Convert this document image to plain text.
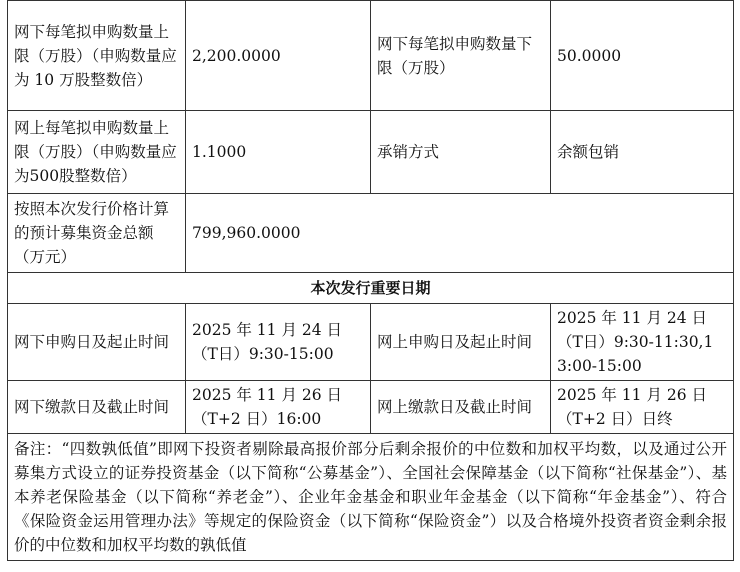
网下每笔拟申购数量上限（万股）（申购数量应为 10 万股整数倍）	2,200.0000	网下每笔拟申购数量下限（万股）	50.0000
网上每笔拟申购数量上限（万股）（申购数量应为500股整数倍）	1.1000	承销方式	余额包销
按照本次发行价格计算的预计募集资金总额（万元）	799,960.0000		
本次发行重要日期			
网下申购日及起止时间	2025 年 11 月 24 日（T日）9:30-15:00	网上申购日及起止时间	2025 年 11 月 24 日（T日）9:30-11:30,13:00-15:00
网下缴款日及截止时间	2025 年 11 月 26 日（T+2 日）16:00	网上缴款日及截止时间	2025 年 11 月 26 日（T+2 日）日终
备注：“四数孰低值”即网下投资者剔除最高报价部分后剩余报价的中位数和加权平均数，以及通过公开募集方式设立的证券投资基金（以下简称“公募基金”）、全国社会保障基金（以下简称“社保基金”）、基本养老保险基金（以下简称“养老金”）、企业年金基金和职业年金基金（以下简称“年金基金”）、符合《保险资金运用管理办法》等规定的保险资金（以下简称“保险资金”）以及合格境外投资者资金剩余报价的中位数和加权平均数的孰低值			
